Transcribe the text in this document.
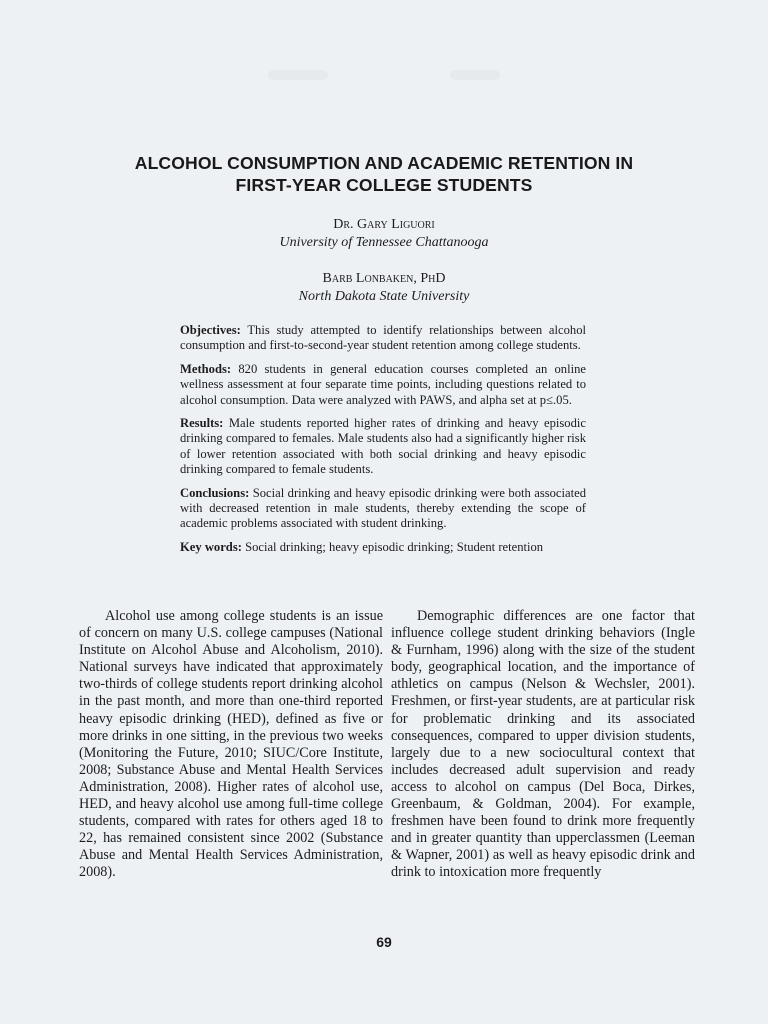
ALCOHOL CONSUMPTION AND ACADEMIC RETENTION IN
FIRST-YEAR COLLEGE STUDENTS
Dr. Gary Liguori
University of Tennessee Chattanooga
Barb Lonbaken, PhD
North Dakota State University

Objectives: This study attempted to identify relationships between alcohol consumption and first-to-second-year student retention among college students.

Methods: 820 students in general education courses completed an online wellness assessment at four separate time points, including questions related to alcohol consumption. Data were analyzed with PAWS, and alpha set at p≤.05.

Results: Male students reported higher rates of drinking and heavy episodic drinking compared to females. Male students also had a significantly higher risk of lower retention associated with both social drinking and heavy episodic drinking compared to female students.

Conclusions: Social drinking and heavy episodic drinking were both associated with decreased retention in male students, thereby extending the scope of academic problems associated with student drinking.

Key words: Social drinking; heavy episodic drinking; Student retention

Alcohol use among college students is an issue of concern on many U.S. college campuses (National Institute on Alcohol Abuse and Alcoholism, 2010). National surveys have indicated that approximately two-thirds of college students report drinking alcohol in the past month, and more than one-third reported heavy episodic drinking (HED), defined as five or more drinks in one sitting, in the previous two weeks (Monitoring the Future, 2010; SIUC/Core Institute, 2008; Substance Abuse and Mental Health Services Administration, 2008). Higher rates of alcohol use, HED, and heavy alcohol use among full-time college students, compared with rates for others aged 18 to 22, has remained consistent since 2002 (Substance Abuse and Mental Health Services Administration, 2008).

Demographic differences are one factor that influence college student drinking behaviors (Ingle & Furnham, 1996) along with the size of the student body, geographical location, and the importance of athletics on campus (Nelson & Wechsler, 2001). Freshmen, or first-year students, are at particular risk for problematic drinking and its associated consequences, compared to upper division students, largely due to a new sociocultural context that includes decreased adult supervision and ready access to alcohol on campus (Del Boca, Dirkes, Greenbaum, & Goldman, 2004). For example, freshmen have been found to drink more frequently and in greater quantity than upperclassmen (Leeman & Wapner, 2001) as well as heavy episodic drink and drink to intoxication more frequently

69
